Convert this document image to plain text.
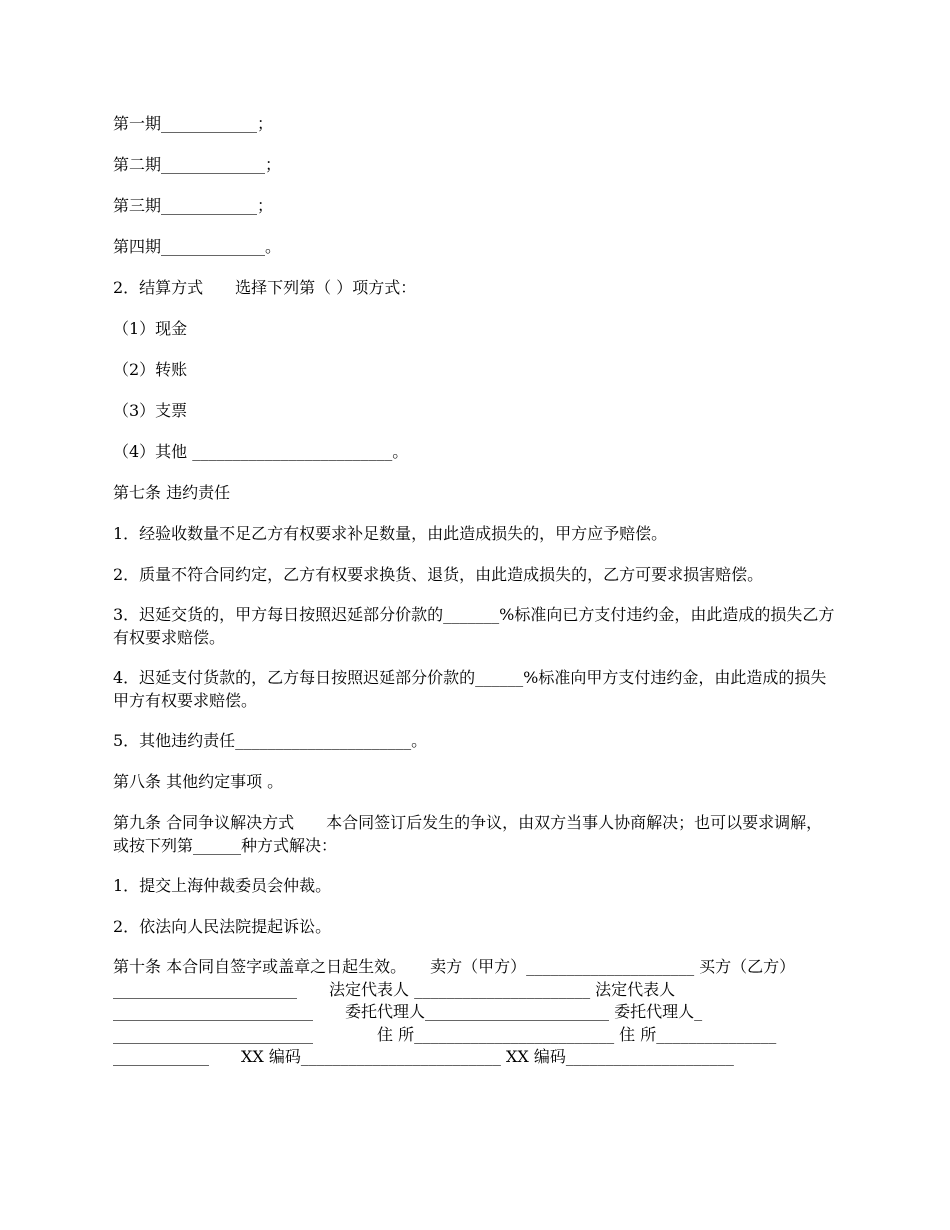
第一期____________；

第二期_____________；

第三期____________；

第四期_____________。

2．结算方式　　选择下列第（ ）项方式：

（1）现金

（2）转账

（3）支票

（4）其他 _________________________。

第七条 违约责任

1．经验收数量不足乙方有权要求补足数量，由此造成损失的，甲方应予赔偿。

2．质量不符合同约定，乙方有权要求换货、退货，由此造成损失的，乙方可要求损害赔偿。

3．迟延交货的，甲方每日按照迟延部分价款的_______%标准向已方支付违约金，由此造成的损失乙方有权要求赔偿。

4．迟延支付货款的，乙方每日按照迟延部分价款的______%标准向甲方支付违约金，由此造成的损失甲方有权要求赔偿。

5．其他违约责任______________________。

第八条 其他约定事项 。

第九条 合同争议解决方式　　本合同签订后发生的争议，由双方当事人协商解决；也可以要求调解，或按下列第______种方式解决：

1．提交上海仲裁委员会仲裁。

2．依法向人民法院提起诉讼。

第十条 本合同自签字或盖章之日起生效。　　卖方（甲方）_____________________ 买方（乙方）_______________________　　法定代表人 ______________________ 法定代表人_________________________　　委托代理人_______________________ 委托代理人_ _________________________　　　　住 所_________________________ 住 所_______________ ____________　　XX 编码_________________________ XX 编码_____________________
